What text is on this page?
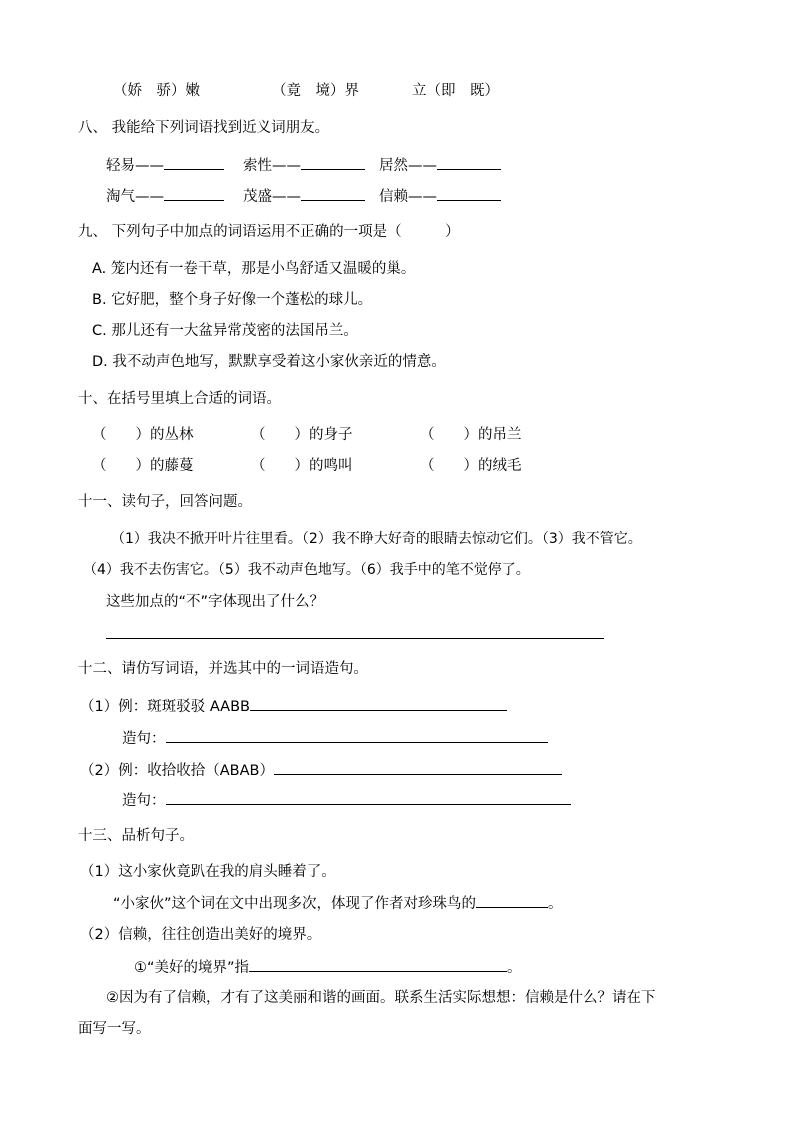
（娇　骄）嫩	（竟　境）界	立（即　既）
八、 我能给下列词语找到近义词朋友。
轻易——	索性——	居然——
淘气——	茂盛——	信赖——
九、 下列句子中加点的词语运用不正确的一项是（　　　）
A. 笼内还有一卷干草，那是小鸟舒适又温暖的巢。
B. 它好肥，整个身子好像一个蓬松的球儿。
C. 那儿还有一大盆异常茂密的法国吊兰。
D. 我不动声色地写，默默享受着这小家伙亲近的情意。
十、在括号里填上合适的词语。
（　　）的丛林	（　　）的身子	（　　）的吊兰
（　　）的藤蔓	（　　）的鸣叫	（　　）的绒毛
十一、读句子，回答问题。
（1）我决不掀开叶片往里看。（2）我不睁大好奇的眼睛去惊动它们。（3）我不管它。
（4）我不去伤害它。（5）我不动声色地写。（6）我手中的笔不觉停了。
这些加点的“不”字体现出了什么？
十二、请仿写词语，并选其中的一词语造句。
（1）例：斑斑驳驳 AABB
造句：
（2）例：收拾收拾（ABAB）
造句：
十三、品析句子。
（1）这小家伙竟趴在我的肩头睡着了。
“小家伙”这个词在文中出现多次，体现了作者对珍珠鸟的	。
（2）信赖，往往创造出美好的境界。
①“美好的境界”指	。
②因为有了信赖，才有了这美丽和谐的画面。联系生活实际想想：信赖是什么？请在下
面写一写。
